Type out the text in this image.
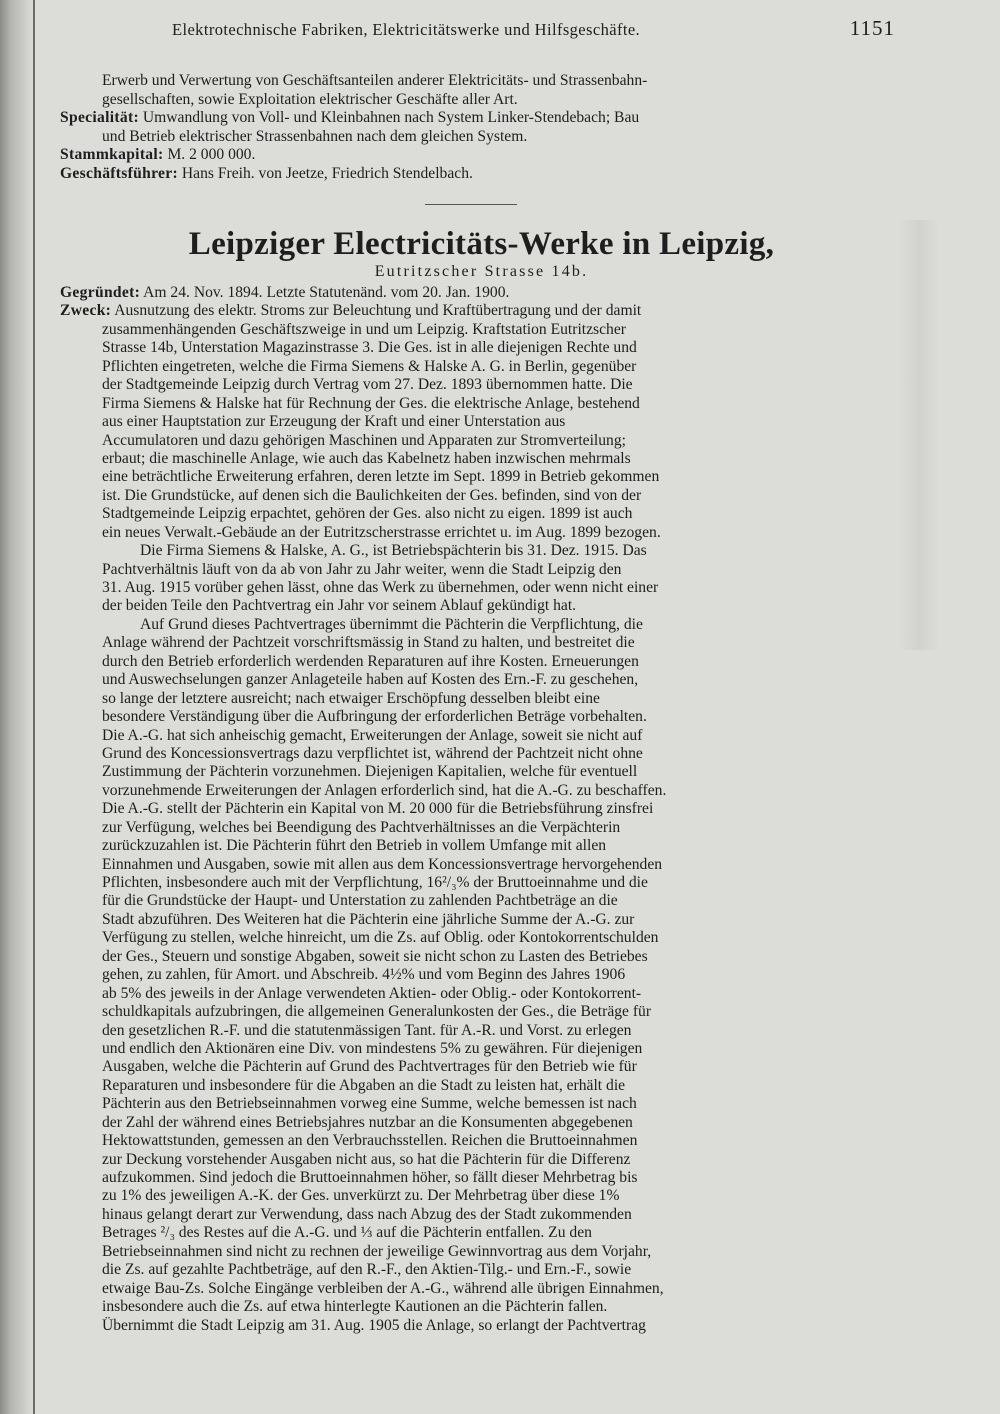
Elektrotechnische Fabriken, Elektricitätswerke und Hilfsgeschäfte.	1151
Erwerb und Verwertung von Geschäftsanteilen anderer Elektricitäts- und Strassenbahn-
gesellschaften, sowie Exploitation elektrischer Geschäfte aller Art.
Specialität: Umwandlung von Voll- und Kleinbahnen nach System Linker-Stendebach; Bau
und Betrieb elektrischer Strassenbahnen nach dem gleichen System.
Stammkapital: M. 2 000 000.
Geschäftsführer: Hans Freih. von Jeetze, Friedrich Stendelbach.
Leipziger Electricitäts-Werke in Leipzig,
Eutritzscher Strasse 14b.
Gegründet: Am 24. Nov. 1894. Letzte Statutenänd. vom 20. Jan. 1900.
Zweck: Ausnutzung des elektr. Stroms zur Beleuchtung und Kraftübertragung und der damit
zusammenhängenden Geschäftszweige in und um Leipzig. Kraftstation Eutritzscher
Strasse 14b, Unterstation Magazinstrasse 3. Die Ges. ist in alle diejenigen Rechte und
Pflichten eingetreten, welche die Firma Siemens & Halske A. G. in Berlin, gegenüber
der Stadtgemeinde Leipzig durch Vertrag vom 27. Dez. 1893 übernommen hatte. Die
Firma Siemens & Halske hat für Rechnung der Ges. die elektrische Anlage, bestehend
aus einer Hauptstation zur Erzeugung der Kraft und einer Unterstation aus
Accumulatoren und dazu gehörigen Maschinen und Apparaten zur Stromverteilung;
erbaut; die maschinelle Anlage, wie auch das Kabelnetz haben inzwischen mehrmals
eine beträchtliche Erweiterung erfahren, deren letzte im Sept. 1899 in Betrieb gekommen
ist. Die Grundstücke, auf denen sich die Baulichkeiten der Ges. befinden, sind von der
Stadtgemeinde Leipzig erpachtet, gehören der Ges. also nicht zu eigen. 1899 ist auch
ein neues Verwalt.-Gebäude an der Eutritzscherstrasse errichtet u. im Aug. 1899 bezogen.
Die Firma Siemens & Halske, A. G., ist Betriebspächterin bis 31. Dez. 1915. Das
Pachtverhältnis läuft von da ab von Jahr zu Jahr weiter, wenn die Stadt Leipzig den
31. Aug. 1915 vorüber gehen lässt, ohne das Werk zu übernehmen, oder wenn nicht einer
der beiden Teile den Pachtvertrag ein Jahr vor seinem Ablauf gekündigt hat.
Auf Grund dieses Pachtvertrages übernimmt die Pächterin die Verpflichtung, die
Anlage während der Pachtzeit vorschriftsmässig in Stand zu halten, und bestreitet die
durch den Betrieb erforderlich werdenden Reparaturen auf ihre Kosten. Erneuerungen
und Auswechselungen ganzer Anlageteile haben auf Kosten des Ern.-F. zu geschehen,
so lange der letztere ausreicht; nach etwaiger Erschöpfung desselben bleibt eine
besondere Verständigung über die Aufbringung der erforderlichen Beträge vorbehalten.
Die A.-G. hat sich anheischig gemacht, Erweiterungen der Anlage, soweit sie nicht auf
Grund des Koncessionsvertrags dazu verpflichtet ist, während der Pachtzeit nicht ohne
Zustimmung der Pächterin vorzunehmen. Diejenigen Kapitalien, welche für eventuell
vorzunehmende Erweiterungen der Anlagen erforderlich sind, hat die A.-G. zu beschaffen.
Die A.-G. stellt der Pächterin ein Kapital von M. 20 000 für die Betriebsführung zinsfrei
zur Verfügung, welches bei Beendigung des Pachtverhältnisses an die Verpächterin
zurückzuzahlen ist. Die Pächterin führt den Betrieb in vollem Umfange mit allen
Einnahmen und Ausgaben, sowie mit allen aus dem Koncessionsvertrage hervorgehenden
Pflichten, insbesondere auch mit der Verpflichtung, 16²/₃% der Bruttoeinnahme und die
für die Grundstücke der Haupt- und Unterstation zu zahlenden Pachtbeträge an die
Stadt abzuführen. Des Weiteren hat die Pächterin eine jährliche Summe der A.-G. zur
Verfügung zu stellen, welche hinreicht, um die Zs. auf Oblig. oder Kontokorrentschulden
der Ges., Steuern und sonstige Abgaben, soweit sie nicht schon zu Lasten des Betriebes
gehen, zu zahlen, für Amort. und Abschreib. 4½% und vom Beginn des Jahres 1906
ab 5% des jeweils in der Anlage verwendeten Aktien- oder Oblig.- oder Kontokorrent-
schuldkapitals aufzubringen, die allgemeinen Generalunkosten der Ges., die Beträge für
den gesetzlichen R.-F. und die statutenmässigen Tant. für A.-R. und Vorst. zu erlegen
und endlich den Aktionären eine Div. von mindestens 5% zu gewähren. Für diejenigen
Ausgaben, welche die Pächterin auf Grund des Pachtvertrages für den Betrieb wie für
Reparaturen und insbesondere für die Abgaben an die Stadt zu leisten hat, erhält die
Pächterin aus den Betriebseinnahmen vorweg eine Summe, welche bemessen ist nach
der Zahl der während eines Betriebsjahres nutzbar an die Konsumenten abgegebenen
Hektowattstunden, gemessen an den Verbrauchsstellen. Reichen die Bruttoeinnahmen
zur Deckung vorstehender Ausgaben nicht aus, so hat die Pächterin für die Differenz
aufzukommen. Sind jedoch die Bruttoeinnahmen höher, so fällt dieser Mehrbetrag bis
zu 1% des jeweiligen A.-K. der Ges. unverkürzt zu. Der Mehrbetrag über diese 1%
hinaus gelangt derart zur Verwendung, dass nach Abzug des der Stadt zukommenden
Betrages ²/₃ des Restes auf die A.-G. und ⅓ auf die Pächterin entfallen. Zu den
Betriebseinnahmen sind nicht zu rechnen der jeweilige Gewinnvortrag aus dem Vorjahr,
die Zs. auf gezahlte Pachtbeträge, auf den R.-F., den Aktien-Tilg.- und Ern.-F., sowie
etwaige Bau-Zs. Solche Eingänge verbleiben der A.-G., während alle übrigen Einnahmen,
insbesondere auch die Zs. auf etwa hinterlegte Kautionen an die Pächterin fallen.
Übernimmt die Stadt Leipzig am 31. Aug. 1905 die Anlage, so erlangt der Pachtvertrag
